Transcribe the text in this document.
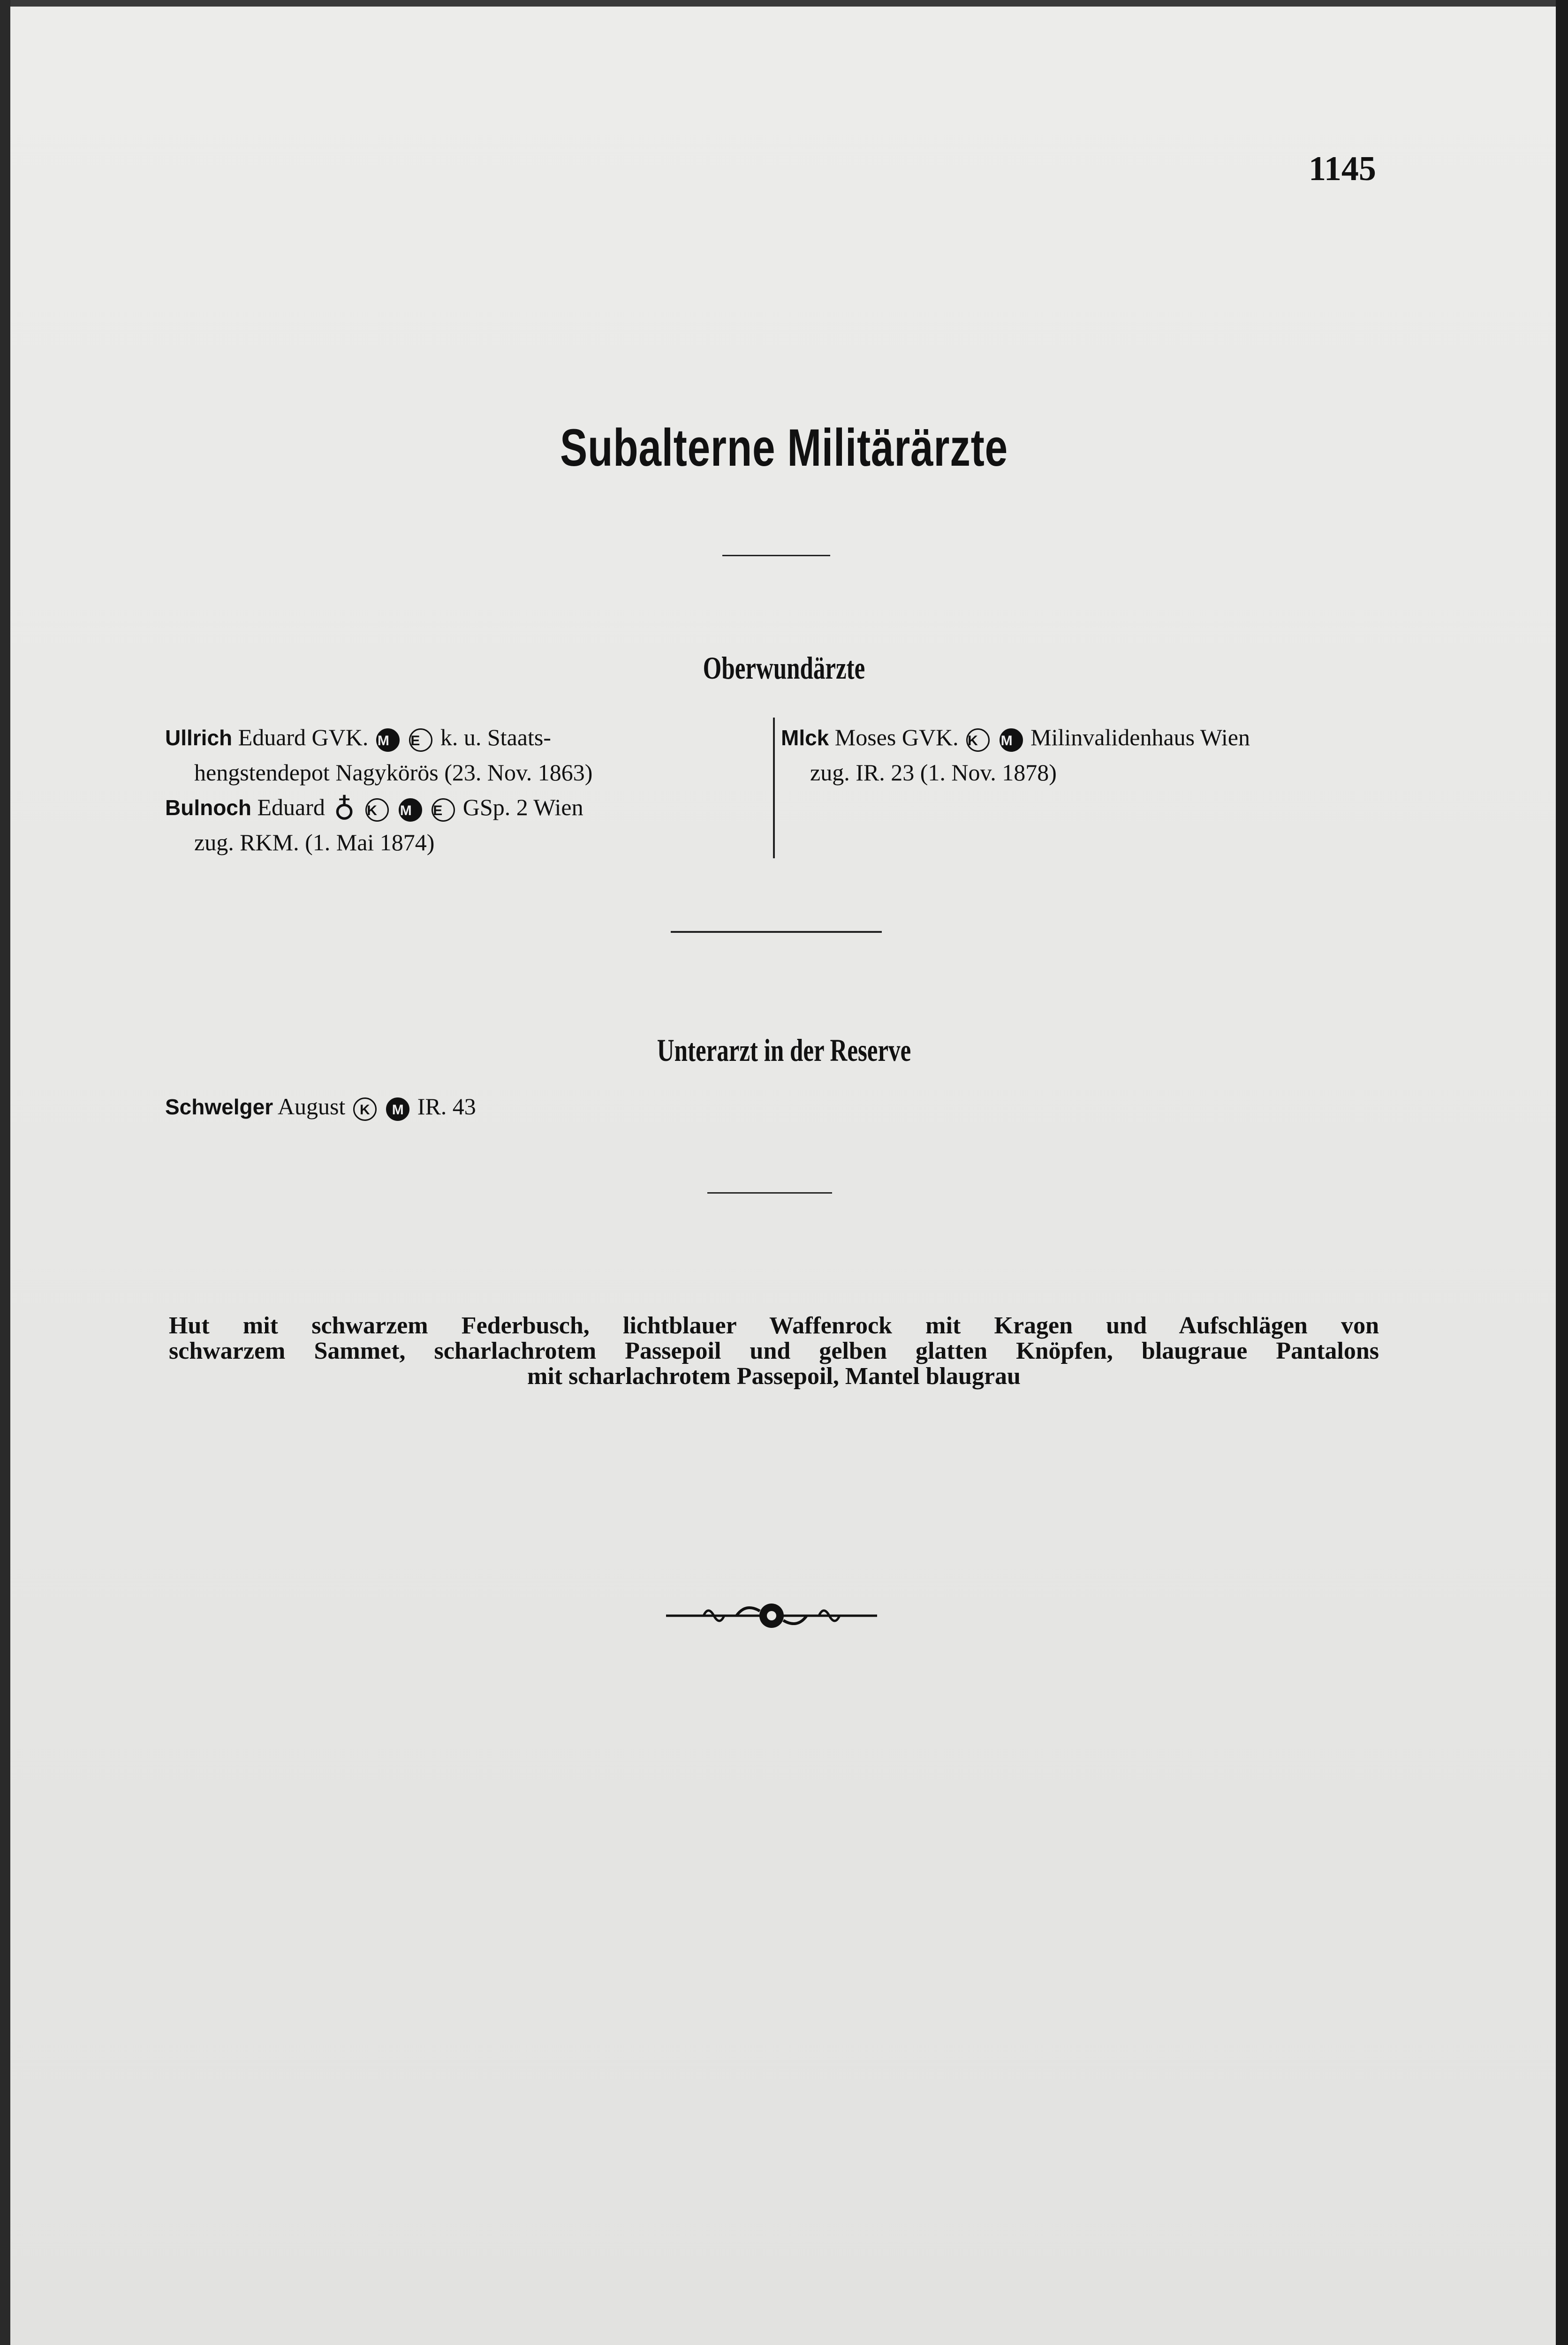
1145
Subalterne Militärärzte
Oberwundärzte
Ullrich Eduard GVK. M E k. u. Staats-
hengstendepot Nagykörös (23. Nov. 1863)
Bulnoch Eduard ♁ K M E GSp. 2 Wien
zug. RKM. (1. Mai 1874)
Mlck Moses GVK. K M Milinvalidenhaus Wien
zug. IR. 23 (1. Nov. 1878)
Unterarzt in der Reserve
Schwelger August K M IR. 43
Hut mit schwarzem Federbusch, lichtblauer Waffenrock mit Kragen und Aufschlägen von
schwarzem Sammet, scharlachrotem Passepoil und gelben glatten Knöpfen, blaugraue Pantalons
mit scharlachrotem Passepoil, Mantel blaugrau
